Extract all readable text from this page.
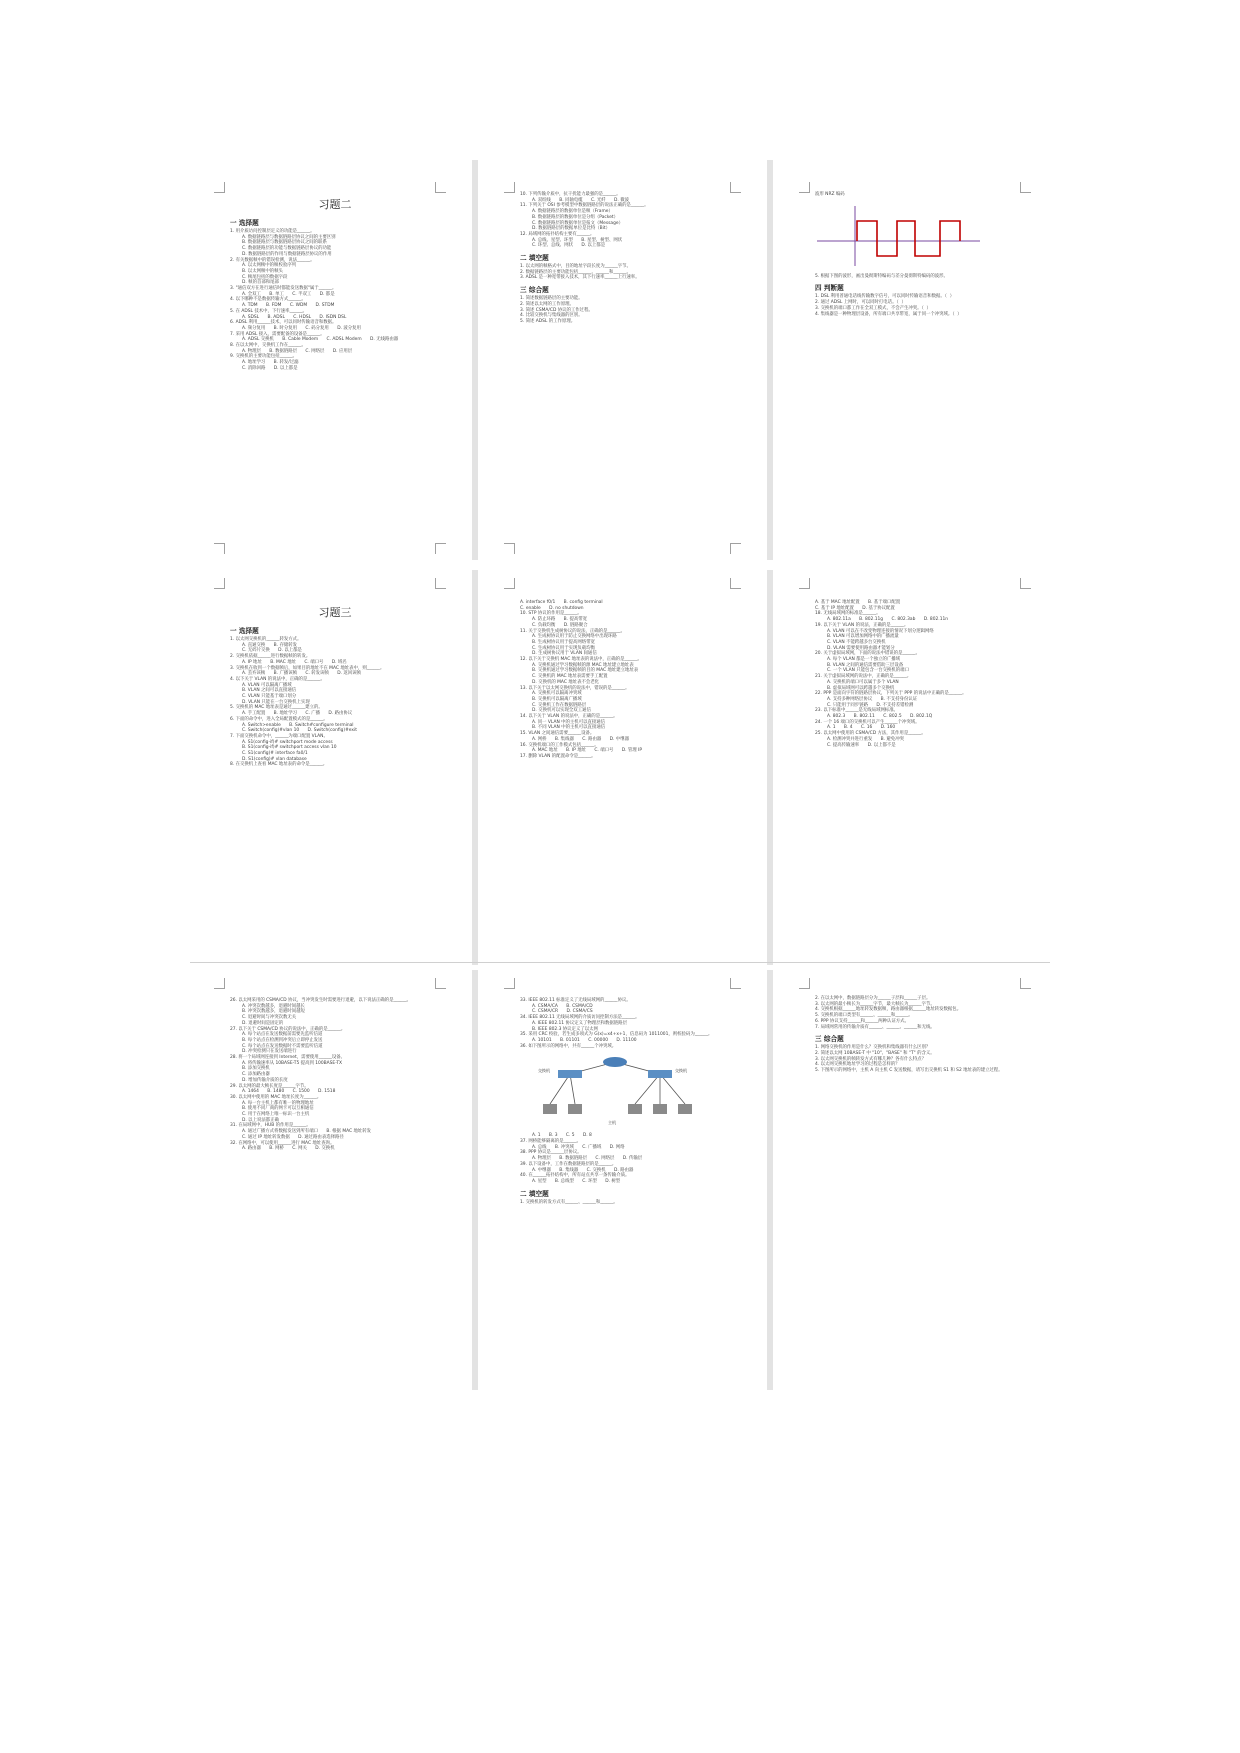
习题二
一 选择题
1. 用介质访问控制层定义的功能是______。
A. 数据链路层与数据链路层协议之间的主要区别
B. 数据链路层与数据链路层协议之间的联系
C. 数据链路层的功能与数据链路层协议的功能
D. 数据链路层的作用与数据链路层协议的作用
2. 有关数据帧中的错误检测，说法______。
A. 以太网帧中的帧校验序列
B. 以太网帧中的帧头
C. 帧尾包括的数据字段
D. 帧的首部和尾部
3. "通信双方在进行通信时都能发送数据"属于______。
A. 全双工      B. 单工      C. 半双工      D. 都是
4. 以下哪种不是数据传输方式______。
A. TDM      B. FDM      C. WDM      D. STDM
5. 在 ADSL 技术中，下行速率______。
A. SDSL      B. ADSL      C. HDSL      D. ISDN DSL
6. ADSL 利用______技术，可以同时传输语音和数据。
A. 频分复用      B. 时分复用      C. 码分复用      D. 波分复用
7. 采用 ADSL 接入，需要配备的设备是______。
A. ADSL 交换机      B. Cable Modem      C. ADSL Modem      D. 无线路由器
8. 在以太网中，交换机工作在______。
A. 物理层      B. 数据链路层      C. 网络层      D. 应用层
9. 交换机的主要功能包括______。
A. 地址学习      B. 转发/过滤
C. 消除回路      D. 以上都是
10. 下列传输介质中，抗干扰能力最强的是______。
A. 双绞线      B. 同轴电缆      C. 光纤      D. 微波
11. 下列关于 OSI 参考模型中数据链路层的说法正确的是______。
A. 数据链路层的数据单位是帧（Frame）
B. 数据链路层的数据单位是分组（Packet）
C. 数据链路层的数据单位是报文（Message）
D. 数据链路层的数据单位是比特（Bit）
12. 局域网的拓扑结构主要有______。
A. 总线、星型、环型      B. 星型、树型、网状
C. 环型、总线、网状      D. 以上都是
二 填空题
1. 以太网的帧格式中，目的地址字段长度为______字节。
2. 数据链路层的主要功能包括______、______和______。
3. ADSL 是一种宽带接入技术，其下行速率______上行速率。
三 综合题
1. 简述数据链路层的主要功能。
2. 简述以太网的工作原理。
3. 简述 CSMA/CD 协议的工作过程。
4. 比较交换机与集线器的区别。
5. 简述 ADSL 的工作原理。
波形 NRZ 编码
5. 根据下图的波形，画出曼彻斯特编码与差分曼彻斯特编码的波形。
四 判断题
1. DSL 利用普通电话线传输数字信号，可以同时传输语音和数据。（  ）
2. 通过 ADSL 上网时，可以同时打电话。（  ）
3. 交换机的端口都工作在全双工模式，不会产生冲突。（  ）
4. 集线器是一种物理层设备，所有端口共享带宽，属于同一个冲突域。（  ）
习题三
一 选择题
1. 以太网交换机的______转发方式。
A. 直通交换      B. 存储转发
C. 无碎片交换      D. 以上都是
2. 交换机依据______进行数据帧的转发。
A. IP 地址      B. MAC 地址      C. 端口号      D. 域名
3. 交换机在收到一个数据帧后，如果目的地址不在 MAC 地址表中，则______。
A. 丢弃该帧      B. 广播该帧      C. 转发该帧      D. 返回该帧
4. 以下关于 VLAN 的说法中，正确的是______。
A. VLAN 可以隔离广播域
B. VLAN 之间可以直接通信
C. VLAN 只能基于端口划分
D. VLAN 只能在一台交换机上实现
5. 交换机的 MAC 地址表是通过______建立的。
A. 手工配置      B. 地址学习      C. 广播      D. 路由协议
6. 下面的命令中，进入全局配置模式的是______。
A. Switch>enable      B. Switch#configure terminal
C. Switch(config)#vlan 10      D. Switch(config)#exit
7. 下面交换机命令中，______为端口配置 VLAN。
A. S1(config-if)# switchport mode access
B. S1(config-if)# switchport access vlan 10
C. S1(config)# interface fa0/1
D. S1(config)# vlan database
8. 在交换机上查看 MAC 地址表的命令是______。
A. interface f0/1      B. config terminal
C. enable      D. no shutdown
10. STP 协议的作用是______。
A. 防止环路      B. 提高带宽
C. 负载均衡      D. 链路聚合
11. 关于交换机生成树协议的说法，正确的是______。
A. 生成树协议用于防止交换网络中出现环路
B. 生成树协议用于提高网络带宽
C. 生成树协议用于实现负载均衡
D. 生成树协议用于 VLAN 间通信
12. 以下关于交换机 MAC 地址表的说法中，正确的是______。
A. 交换机通过学习数据帧的源 MAC 地址建立地址表
B. 交换机通过学习数据帧的目的 MAC 地址建立地址表
C. 交换机的 MAC 地址表需要手工配置
D. 交换机的 MAC 地址表不会老化
13. 以下关于以太网交换机的说法中，错误的是______。
A. 交换机可以隔离冲突域
B. 交换机可以隔离广播域
C. 交换机工作在数据链路层
D. 交换机可以实现全双工通信
14. 以下关于 VLAN 的说法中，正确的是______。
A. 同一 VLAN 中的主机可以直接通信
B. 不同 VLAN 中的主机可以直接通信
15. VLAN 之间通信需要______设备。
A. 网桥      B. 集线器      C. 路由器      D. 中继器
16. 交换机端口的工作模式包括______。
A. MAC 地址      B. IP 地址      C. 端口号      D. 管理 IP
17. 删除 VLAN 的配置命令是______。
A. 基于 MAC 地址配置      B. 基于端口配置
C. 基于 IP 地址配置      D. 基于协议配置
18. 无线局域网的标准是______。
A. 802.11a      B. 802.11g      C. 802.3ab      D. 802.11n
19. 以下关于 VLAN 的说法，正确的是______。
A. VLAN 可以在不改变物理连接的情况下划分逻辑网络
B. VLAN 可以增加网络中的广播流量
C. VLAN 不能跨越多台交换机
D. VLAN 需要使用路由器才能划分
20. 关于虚拟局域网，下面的说法中错误的是______。
A. 每个 VLAN 都是一个独立的广播域
B. VLAN 之间的通信需要借助三层设备
C. 一个 VLAN 只能包含一台交换机的端口
21. 关于虚拟局域网的说法中，正确的是______。
A. 交换机的端口可以属于多个 VLAN
B. 虚拟局域网可以跨越多个交换机
22. PPP 是面向字符的链路层协议，下列关于 PPP 的说法中正确的是______。
A. 支持多种网络层协议      B. 不支持身份认证
C. 只能用于同步链路      D. 不支持差错检测
23. 以下标准中______是无线局域网标准。
A. 802.3      B. 802.11      C. 802.5      D. 802.1Q
24. 一个 16 端口的交换机可以产生______个冲突域。
A. 1      B. 4      C. 16      D. 160
25. 以太网中使用的 CSMA/CD 方法，其作用是______。
A. 检测冲突并进行重发      B. 避免冲突
C. 提高传输速率      D. 以上都不是
26. 以太网采用的 CSMA/CD 协议，当冲突发生时需要进行退避，以下说法正确的是______。
A. 冲突次数越多，退避时间越长
B. 冲突次数越多，退避时间越短
C. 退避时间与冲突次数无关
D. 退避时间是固定的
27. 以下关于 CSMA/CD 协议的说法中，正确的是______。
A. 每个站点在发送数据前需要先监听信道
B. 每个站点在检测到冲突后立即停止发送
C. 每个站点在发送数据时不需要监听信道
D. 冲突检测只在发送端进行
28. 将一个局域网连接到 Internet，需要使用______设备。
A. 将传输速率从 10BASE-T5 提高到 100BASE-TX
B. 添加交换机
C. 添加路由器
D. 增加传输介质的长度
29. 以太网的最大帧长度是______字节。
A. 1464      B. 1480      C. 1500      D. 1518
30. 以太网中使用的 MAC 地址长度为______。
A. 每一台主机上都有唯一的物理地址
B. 使用不同厂商的网卡可以互相通信
C. 用于在网络上唯一标识一台主机
D. 以上说法都正确
31. 在局域网中，HUB 的作用是______。
A. 通过广播方式将数据发送到所有端口      B. 根据 MAC 地址转发
C. 通过 IP 地址转发数据      D. 通过路由表选择路径
32. 在网络中，可以使用______进行 MAC 地址查询。
A. 路由器      B. 网桥      C. 网关      D. 交换机
33. IEEE 802.11 标准定义了无线局域网的______协议。
A. CSMA/CA      B. CSMA/CD
C. CSMA/CR      D. CSMA/CS
34. IEEE 802.11 无线局域网的介质访问控制方法是______。
A. IEEE 802.11 协议定义了物理层和数据链路层
B. IEEE 802.3 协议定义了以太网
35. 采用 CRC 校验，若生成多项式为 G(x)=x4+x+1，信息码为 1011001，则校验码为______。
A. 10101      B. 01101      C. 00000      D. 11100
36. 如下图所示的网络中，共有______个冲突域。
交换机	交换机
主机
A. 1      B. 3      C. 5      D. 8
37. 网桥能够隔离的是______。
A. 总线      B. 冲突域      C. 广播域      D. 网络
38. PPP 协议是______层协议。
A. 物理层      B. 数据链路层      C. 网络层      D. 传输层
39. 以下设备中，工作在数据链路层的是______。
A. 中继器      B. 集线器      C. 交换机      D. 路由器
40. 在______拓扑结构中，所有站点共享一条传输介质。
A. 星型      B. 总线型      C. 环型      D. 树型
二 填空题
1. 交换机的转发方式有______、______和______。
2. 在以太网中，数据链路层分为______子层和______子层。
3. 以太网的最小帧长为______字节，最大帧长为______字节。
4. 交换机根据______地址转发数据帧，路由器根据______地址转发数据包。
5. 交换机的端口类型有______、______和______。
6. PPP 协议支持______和______两种认证方式。
7. 局域网常用的传输介质有______、______、______和无线。
三 综合题
1. 网络交换机的作用是什么？交换机和集线器有什么区别？
2. 简述以太网 10BASE-T 中 "10"、"BASE" 和 "T" 的含义。
3. 以太网交换机的帧转发方式有哪几种？各有什么特点？
4. 以太网交换机地址学习的过程是怎样的？
5. 下图所示的网络中，主机 A 向主机 C 发送数据，请写出交换机 S1 和 S2 地址表的建立过程。
